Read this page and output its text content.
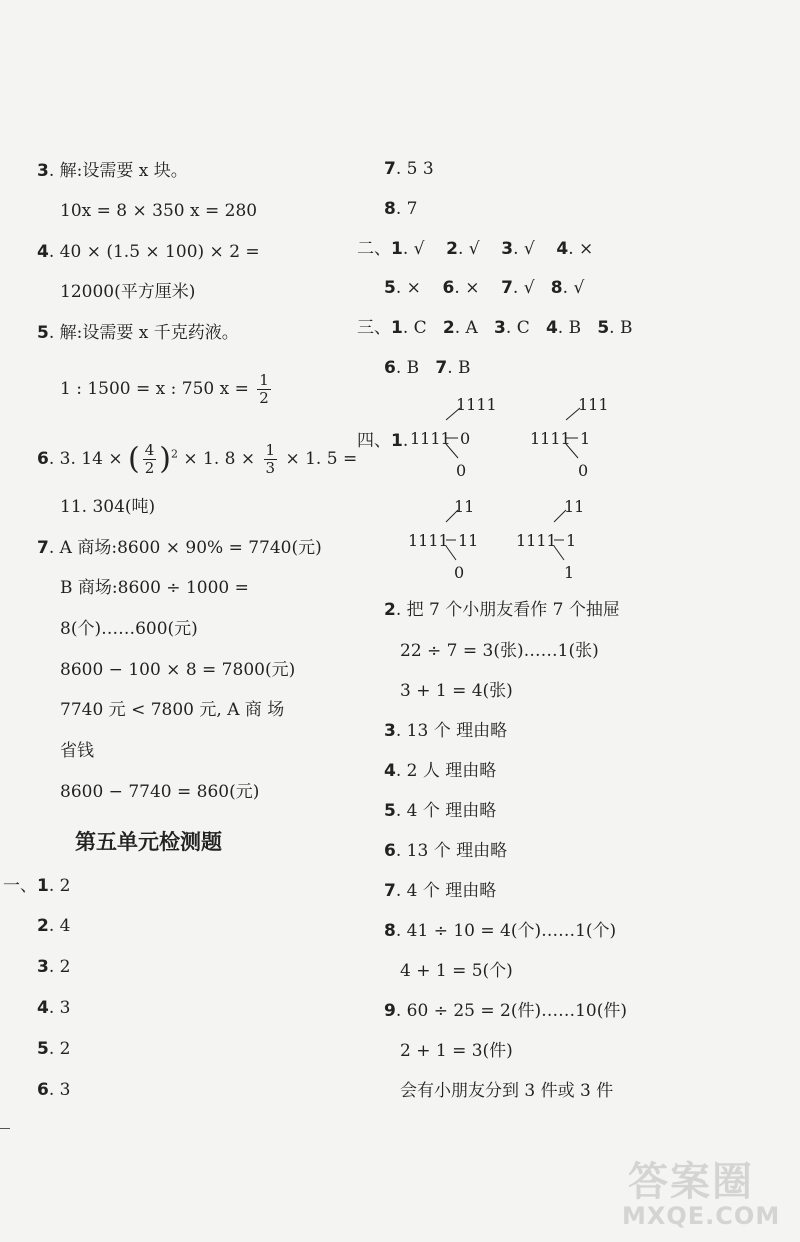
3. 解:设需要 x 块。
10x = 8 × 350 x = 280
4. 40 × (1.5 × 100) × 2 =
12000(平方厘米)
5. 解:设需要 x 千克药液。
1 : 1500 = x : 750 $x = \frac{1}{2}$
6. 3. 14 × ( $\frac{4}{2} )^2 \times 1$. $8 \times \frac{1}{3} \times 1$. 5 =
11. 304(吨)
7. A 商场:8600 × 90% = 7740(元)
B 商场:8600 ÷ 1000 =
8(个)……600(元)
8600 − 100 × 8 = 7800(元)
7740 元 < 7800 元, A 商 场
省钱
8600 − 7740 = 860(元)
第五单元检测题
一、1. 2
2. 4
3. 2
4. 3
5. 2
6. 3
7. 5 3
8. 7
二、1. √ 2. √ 3. √ 4. ×
5. × 6. × 7. √ 8. √
三、1. C 2. A 3. C 4. B 5. B
6. B 7. B
四、1.
1111
1111 0
0
111
1111 1
0
11
1111 11
0
11
1111 1
1
2. 把 7 个小朋友看作 7 个抽屉
22 ÷ 7 = 3(张)……1(张)
3 + 1 = 4(张)
3. 13 个 理由略
4. 2 人 理由略
5. 4 个 理由略
6. 13 个 理由略
7. 4 个 理由略
8. 41 ÷ 10 = 4(个)……1(个)
4 + 1 = 5(个)
9. 60 ÷ 25 = 2(件)……10(件)
2 + 1 = 3(件)
会有小朋友分到 3 件或 3 件
答案圈
MXQE.COM
